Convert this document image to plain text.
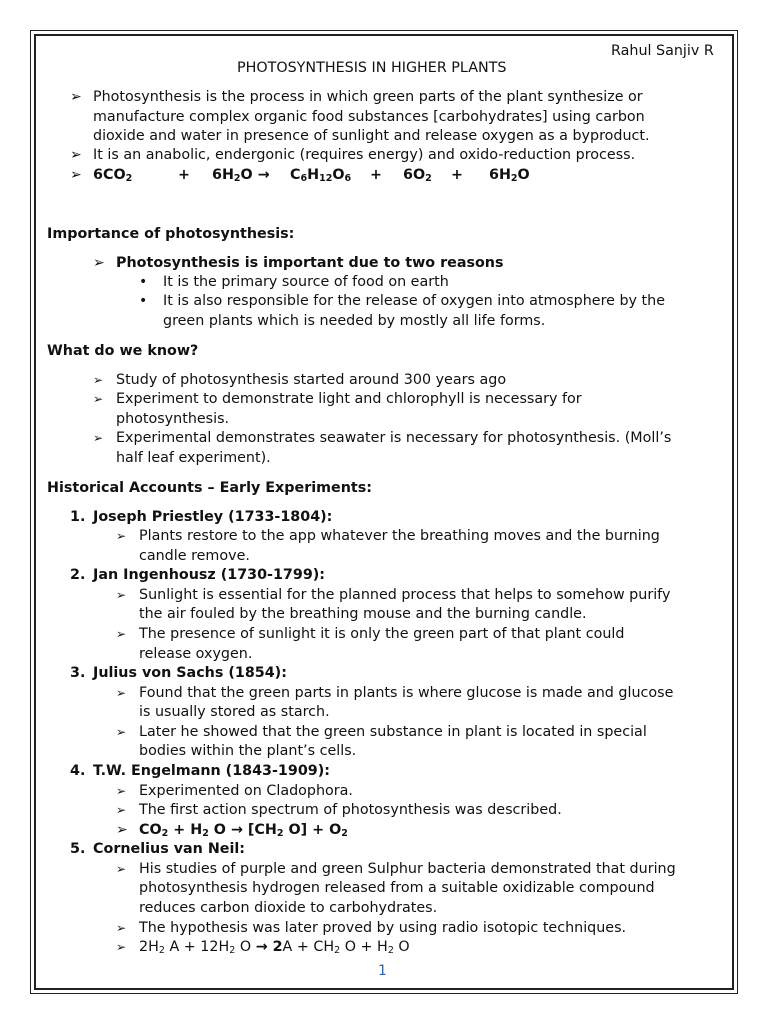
Rahul Sanjiv R
PHOTOSYNTHESIS IN HIGHER PLANTS
➢ Photosynthesis is the process in which green parts of the plant synthesize or
manufacture complex organic food substances [carbohydrates] using carbon
dioxide and water in presence of sunlight and release oxygen as a byproduct.
➢ It is an anabolic, endergonic (requires energy) and oxido-reduction process.
➢ $6CO_2$	+ $6H_2O \to C_6H_{12}O_6 + 6O_2 + 6H_2O$
Importance of photosynthesis:
➢ Photosynthesis is important due to two reasons
• It is the primary source of food on earth
• It is also responsible for the release of oxygen into atmosphere by the
green plants which is needed by mostly all life forms.
What do we know?
➢ Study of photosynthesis started around 300 years ago
➢ Experiment to demonstrate light and chlorophyll is necessary for
photosynthesis.
➢ Experimental demonstrates seawater is necessary for photosynthesis. (Moll’s
half leaf experiment).
Historical Accounts – Early Experiments:
1. Joseph Priestley (1733-1804):
➢ Plants restore to the app whatever the breathing moves and the burning
candle remove.
2. Jan Ingenhousz (1730-1799):
➢ Sunlight is essential for the planned process that helps to somehow purify
the air fouled by the breathing mouse and the burning candle.
➢ The presence of sunlight it is only the green part of that plant could
release oxygen.
3. Julius von Sachs (1854):
➢ Found that the green parts in plants is where glucose is made and glucose
is usually stored as starch.
➢ Later he showed that the green substance in plant is located in special
bodies within the plant’s cells.
4. T.W. Engelmann (1843-1909):
➢ Experimented on Cladophora.
➢ The first action spectrum of photosynthesis was described.
➢ $CO_2 + H_2$ $O \to [CH_2$ $O] + O_2$
5. Cornelius van Neil:
➢ His studies of purple and green Sulphur bacteria demonstrated that during
photosynthesis hydrogen released from a suitable oxidizable compound
reduces carbon dioxide to carbohydrates.
➢ The hypothesis was later proved by using radio isotopic techniques.
➢ $2H_2$ $A + 12H_2$ $O \to 2A + CH_2$ $O + H_2$ O
1
